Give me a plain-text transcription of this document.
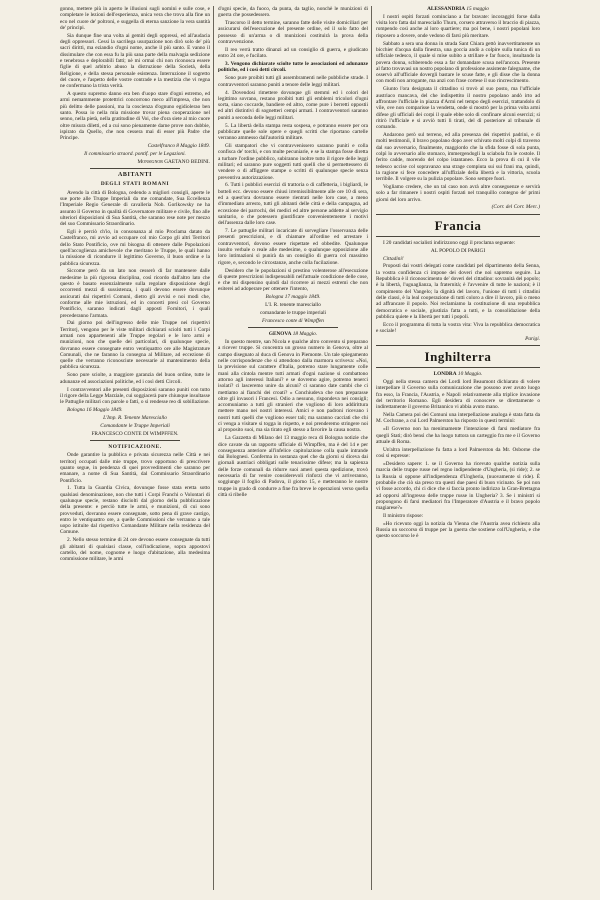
gonno, mettere più in aperto le illusioni sugli uomini e sulle cose, e completare le lezioni dell'esperienza, unica vera che trova alla fine un eco nel cuore de' poltroni, e suggella di eterna sanzione la vera santità de' principi.

Sia dunque fine una volta ai gemiti degli oppressi, ed all'audacia degli oppressori. Cessi la sacrilega usurpazione non dirò solo de' più sacri diritti, ma eziandio d'ogni nome, anche il più santo. E vanno il dissimulare che con essa fu la più sana parte della malvagia sedizione e tenebrosa e deplorabili fatti; nè mi ormai chi non riconosca essere figlie di quel arbitrio abuso la distruzione della Società, della Religione, e della stessa personale esistenza. Interruzione il sogretto del cuore, e l'aspetto delle vostre contrade e la mestizia che vi regna ne confermano la trista verità.

A questo supremo danno era ben d'uopo stare d'ogni estremo, ed armi nemammente protettrici concorrono meco all'impresa, che non più delitto delle passioni, ma la coscienza d'ognuno egidiolerao ben santo. Possa io nella mia missione trovar piena cooperazione nel senno, nella pietà, nella gratitudine di Voi, che d'ora siete al mio cuore oltre misura diletti, ed a cui sono pienamente darne prove non dubbie, ispirato da Quello, che non cessera mai di esser più Padre che Principe.

Castelfranco 8 Maggio 1849.

Il commissario straord. pontif. per le Legazioni.

Monsignor GAETANO BEDINI.

ABITANTI

DEGLI STATI ROMANI

Avendo la città di Bologna, cedendo a migliori consigli, aperte le sue porte alle Truppe Imperiali da me comandate, Sua Eccellenza l'Imperiale Regio Generale di cavalleria Nob. Gorlkowsky ne ha assunto il Governo in qualità di Governatore militare e civile, fino alle ulteriori disposizioni di Sua Santità, che saranno rese note per mezzo del suo Commissario Straordinario.

Egli è perciò ch'io, in consonanza al mio Proclama datato da Castelfranco, mi avvio ad occupare col mio Corpo gli altri Territori dello Stato Pontificio, ove mi bisogna di ottenere dalle Popolazioni quell'accoglienza amichevole che meritano le Truppe, le quali hanno la missione di ricondurre il legittimo Governo, il buon ordine e la pubblica sicurezza.

Siccome però da un lato non cesserò di far mantenere dalle medesime la più rigorosa disciplina, così ricordo dall'altro lato che questo è basato essenzialmente sulla regolare disposizione degli occorrenti mezzi di sussistenza, i quali devono essere dovunque assicurati dai rispettivi Comuni, dietro gli avvisi e noi modi che, conforme alle mie istruzioni, ed in concerti presi col Governo Pontificio, saranno indicati dagli apposti Fornitori, i quali precederanno l'armata.

Dai giorno poi dell'ingresso delle mie Truppe nei rispettivi Territorj, vengono per le viste militari dichiarati sciolti tutti i Corpi armati non appartenenti alle Truppe regolari e le loro armi e munizioni, non che quelle dei particolari, di qualunque specie, dovranno essere consegnate entro ventiquattro ore alle Magistrature Comunali, che ne faranno la consegna al Militare, ad eccezione di quelle che verranno riconosciute necessarie al mantenimento della pubblica sicurezza.

Sono pure sciolte, a maggiore garanzia del buon ordine, tutte le adunanze ed associazioni politiche, ed i così detti Circoli.

I contravventori alle presenti disposizioni saranno puniti con tutto il rigore della Legge Marziale, cui soggiacerà pure chiunque insultasse le Pattuglie militari con parole o fatti, o si rendesse reo di sobillazione.

Bologna 16 Maggio 1849.

L'Imp. R. Tenente Maresciallo

Comandante le Truppe Imperiali

FRANCESCO CONTE DI WIMPFFEN.

NOTIFICAZIONE.

Onde garantire la pubblica e privata sicurezza nelle Città e nei territorj occupati dalle mie truppe, trovo opportuno di prescrivere quanto segue, in pendenza di quei provvedimenti che saranno per emanare, a nome di Sua Santità, dal Commissario Straordinario Pontificio.

1. Tutta la Guardia Civica, dovunque fosse stata eretta sotto qualsiasi denominazione, non che tutti i Corpi Franchi o Volontari di qualunque specie, restano disciolti dal giorno della pubblicazione della presente: e perciò tutte le armi, e munizioni, di cui sono provveduti, dovranno essere consegnate, sotto pena di grave castigo, entro le ventiquattro ore, a quelle Commissioni che verranno a tale uopo istituite dal rispettivo Comandante Militare nella residenza del Comune.

2. Nello stesso termine di 24 ore devono essere consegnate da tutti gli abitanti di qualsiasi classe, coll'indicazione, sopra appostovi cartello, del nome, cognome e luogo d'abitazione, alla medesima commissione militare, le armi

d'ogni specie, da fuoco, da punta, da taglio, nonchè le munizioni di guerra che possedessero.

Trascorso il detto termine, saranno fatte delle visite domiciliari per assicurarsi dell'esecuzione del presente ordine, ed il solo fatto del possesso di un'arma o di munizioni costituirà la prova della contravvenzione.

Il reo verrà tratto dinanzi ad un consiglio di guerra, e giudicato entro 24 ore, e fucilato.

3. Vengono dichiarate sciolte tutte le associazioni ed adunanze politiche, ed i così detti circoli.

Sono pure proibiti tutti gli assembramenti nelle pubbliche strade. I contravventori saranno puniti a tenore delle leggi militari.

4. Dovendosi rimettere dovunque gli stemmi ed i colori del legittimo sovrano, restano proibiti tutti gli emblemi tricolori d'ogni sorta, siano coccarde, bandiere ed altro, come pure i berretti oppostii ed altri distintivi di sognetteri cempi armati. I contravventori saranno puniti a seconda delle leggi militari.

5. La libertà della stampa resta sospesa, e potranno essere per ora pubblicate quelle sole opere e quegli scritti che riportano cartelle verranno ammesso dall'autorità militare.

Gli stampatori che vi contravvenissero saranno puniti e colla confisca de' torchi, e con multe pecuniarie, e se la stampa fosse diretta a turbare l'ordine pubblico, subiranno inoltre tutto il rigore delle leggi militari; ed saranno pure soggetti tutti quelli che si permettessero di vendere o di affiggere stampe o scritti di qualunque specie senza preventiva autorizzazione.

6. Tutti i pubblici esercizi di trattoria o di caffetteria, i bigliardi, le botteli ecc. devono essere chiusi irremissibilmente alle ore 10 di sera, ed a quest'ora dovranno essere rientrati nelle loro case, a meno d'immediato arresto, tutti gli abitanti delle città e della campagna, ad eccezione dei parrochi, dei medici ed altre persone addette al servigio sanitario, o che potessero giustificare convenientemente i motivi dell'assenza dalle loro case.

7. Le pattuglie militari incaricate di sorvegliare l'osservanza delle presenti prescrizioni, e di chiamare all'ordine ed arrestare i contravventori, dovono essere rispettate ed obbedite. Qualunque insulto verbale o reale alle medesime, o qualunque opposizione alle loro intimazioni si punirà da un consiglio di guerra col massimo rigore, e, secondo le circostanze, anche colla fucilazione.

Desidero che le popolazioni si prestino volenterose all'esecuzione di queste prescrizioni indispensabili nell'attuale condizione delle cose, e che mi dispensino quindi dal ricorrere ai mezzi estremi che non esiterei ad adoperare per ottenere l'intento,

Bologna 17 maggio 1849.

L'I. R. tenente maresciallo

comandante le truppe imperiali

Francesco conte di Wimpffen

GENOVA 18 Maggio.

In questo mentre, san Nicola e qualche altro convento si preparano a ricever truppe. Si concentra un grosso numero in Genova, oltre al campo disegnato al duca di Genova in Piemonte. Un tale spiegamento nelle corrispondenze che si attendono dalla marmora scriveva: «Noi, la previsione sul carattere d'Italia, potremo stare lungamente colle mani alla cintola mentre tutti armati d'ogni nazione si combattono attorno agli interessi Italiani? e se dovremo agire, potremo tenerci isolati? ci lasceremo unire da alcuni? ci saranno date cambi che ci mettiamo ai fianchi dei croati? » Conchiudeva che non preparasse oltre gli invasori i Francesi. Odio a nessuno, rispondeva nei consigli; accomuniamo a tutti gli stranieri che vogliono di loro addirittura mettere mano nei nostri interessi. Amici e non padroni ricevano i nostri tutti quelli che vogliono esser tali; ma saranno cacciati che chi ci venga a visitare si togga in rispetto, e noi prenderemo stringere noi al proposito suoi, ma sia tirato egli stesso a favorire la causa nostra.

La Gazzetta di Milano del 13 maggio reca di Bologna notizie che dice cavate da un rapporto ufficiale di Wimpffen, ma è del 14 e per conseguenza anteriore all'infelice capitolazione colla quale intrande dai Bolognesi. Conferma in sostanza quel che da giorni si diceva dai giornali austriaci obbligati sulle tenacissime difese; ma la sapienza delle forze comunali da ridurre suoi ameri questa spedizione, trovò necessaria di far venire considerevoli rinforzi che vi arriveranno, soggiunge il foglio di Padova, il giorno 15, e metteranno le nostre truppe in grado di condurre a fine fra breve le operazioni verso quella città sì ribelle

ALESSANDRIA 15 maggio

I nostri ospiti forzati cominciano a far bravate: incoraggiti forse dalla visita loro fatta dal maresciallo Thurn, corsero attraverso il braccio di piazza, rompendo così anche al loro quartiere; ma poi bene, i nostri popolani loro risposero a dovere, onde vedono di farsi più meritare.

Sabbato a sera una donna in strada Sant Chiara gettò inavvertitamente un bicchier d'acqua dalla finestra, una goccia andò a colpire sulla tunica di un ufficiale tedesco, il quale si mise subito a strillare e far fuoco, insultando la povera donna, schberendo essa a far domandare scusa nell'ancora. Presente al fatto trovavasi un nostro popolano di professione assistente falegname, che osservò all'ufficiale dovergli bastare le scuse fatte, e gli disse che la donna con modi non arrogante, ma anzi con frase cortese il suo rincrescimento.

Giunto l'ora designata il cittadino si trovò al suo posto, ma l'ufficiale austriaco mancava, del che indispettito il nostro popolano andò irto ad affrontare l'ufficiale in piazza d'Armi nel tempo degli esercizi, trattandolo di vile, ove non comparisse la vendetta, onde si mostrò per la prima volta armi difese gli ufficiali dei corpi il quale ebbe solo di confinare alcuni esercizi; si ritirò l'ufficiale e si avviò tutti li tirati, del dì posteriore al tribunale di comando.

Andarono però sul terreno, ed alla presenza dei rispettivi padrini, e di molti testimonii, il bravo popolano dopo aver schivato molti colpi di traverso dal suo avversario, finalmente, maggiordo che la sfida fosse di sola punta, colpì lo avversario allo stomaco, immergendogli la sciabola fra le costole. Il ferito cadde, morendo del colpo istantaneo. Ecco la prova di cui il vile tedesco uccise col sopravanzo una strage compiuta sui sui frani ma, quindi, la ragione si fece concedere all'uffiziale della libertà e la vittoria, scuola terribile. Il volgere su la pulizia popolare. Sono sempre fuori.

Vogliamo credere, che un tal caso non avrà altre conseguenze e servirà solo a far rimanere i nostri ospiti forzati nel tranquillo contegno de' primi giorni del loro arrivo.

(Corr. del Corr. Merc.)

Francia

I 20 candidati socialisti indirizzono oggi il proclama seguente:

AL POPOLO DI PARIGI

Cittadini!

Proposti dai vostri delegati come candidati pel dipartimento della Senna, la vostra confidenza ci impone dei doveri che noi sapremo seguire. La Repubblica è il riconoscimento de' doveri del cittadino: sovranità del popolo; è la libertà, l'uguaglianza, la fraternità; è l'avvenire di tutte le nazioni; è il compimento del Vangelo; la dignità del lavoro, l'unione di tutti i cittadini delle classi, è la leal cooperazione di tutti coloro a dire il lavoro, più o meno ad affrancare il popolo. Noi reclamiamo la costituzione di una repubblica democratica e sociale, giustizia fatta a tutti, e la consolidazione della pubblica quiete e la libertà per tutti i popoli.

Ecco il programma di tutta la vostra vita: Viva la repubblica democratica e sociale!

Parigi.

Inghilterra

LONDRA 10 Maggio.

Oggi nella stessa camera dei Lordi lord Beaumont dichiarato di volere interpellare il Governo sulla comunicazione che possono aver avuto luogo fra esso, la Francia, l'Austria, e Napoli relativamente alla triplice invasione del territorio Romano. Egli desidera di conoscere se direttamente o indirettamente il governo Britannico vi abbia avuto mano.

Nella Camera poi dei Comuni una interpellazione analoga è stata fatta da M. Cochrane, a cui Lord Palmerston ha risposto in questi termini:

«Il Governo non ha menimamente l'intenzione di farsi mediatore fra quegli Stati; dirò bensì che ha luogo tuttora un carteggio fra me e il Governo attuale di Roma.

Un'altra interpellazione fu fatta a lord Palmerston da Mr. Osborne che così si espresse:

«Desidero sapere: 1. se il Governo ha ricevuto qualche notizia sulla marcia delle truppe russe nel regno indipendente d'Ungheria, (si ride); 2. se la Russia si oppone all'indipendenza d'Ungheria, (nuovamente si ride). È probabile che ciò sia preso tra questi due paesi di buon vicinato. Se poi non vi fosse accordo, chi ci dice che si faccia pronto indirizzo la Gran-Brettagna ad opporsi all'ingresso delle truppe russe in Ungheria? 3. Se i ministri si propongono di farsi mediatori fra l'Imperatore d'Austria e il bravo popolo magiarese?»

Il ministro rispose:

«Ho ricevuto oggi la notizia da Vienna che l'Austria avea richiesto alla Russia un soccorso di truppe per la guerra che sostiene coll'Ungheria, e che questo soccorso le è
